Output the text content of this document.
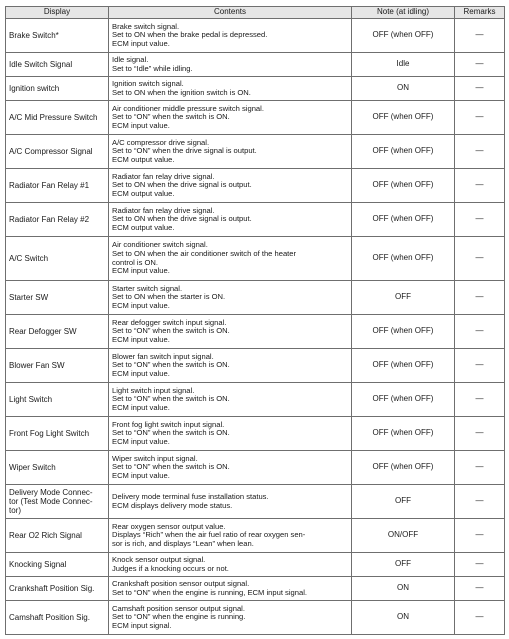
Display	Contents	Note (at idling)	Remarks
Brake Switch*	Brake switch signal.
Set to ON when the brake pedal is depressed.
ECM input value.	OFF (when OFF)	—
Idle Switch Signal	Idle signal.
Set to “Idle” while idling.	Idle	—
Ignition switch	Ignition switch signal.
Set to ON when the ignition switch is ON.	ON	—
A/C Mid Pressure Switch	Air conditioner middle pressure switch signal.
Set to “ON” when the switch is ON.
ECM input value.	OFF (when OFF)	—
A/C Compressor Signal	A/C compressor drive signal.
Set to “ON” when the drive signal is output.
ECM output value.	OFF (when OFF)	—
Radiator Fan Relay #1	Radiator fan relay drive signal.
Set to ON when the drive signal is output.
ECM output value.	OFF (when OFF)	—
Radiator Fan Relay #2	Radiator fan relay drive signal.
Set to ON when the drive signal is output.
ECM output value.	OFF (when OFF)	—
A/C Switch	Air conditioner switch signal.
Set to ON when the air conditioner switch of the heater
control is ON.
ECM input value.	OFF (when OFF)	—
Starter SW	Starter switch signal.
Set to ON when the starter is ON.
ECM input value.	OFF	—
Rear Defogger SW	Rear defogger switch input signal.
Set to “ON” when the switch is ON.
ECM input value.	OFF (when OFF)	—
Blower Fan SW	Blower fan switch input signal.
Set to “ON” when the switch is ON.
ECM input value.	OFF (when OFF)	—
Light Switch	Light switch input signal.
Set to “ON” when the switch is ON.
ECM input value.	OFF (when OFF)	—
Front Fog Light Switch	Front fog light switch input signal.
Set to “ON” when the switch is ON.
ECM input value.	OFF (when OFF)	—
Wiper Switch	Wiper switch input signal.
Set to “ON” when the switch is ON.
ECM input value.	OFF (when OFF)	—

Delivery Mode Connec-
tor (Test Mode Connec-
tor)	Delivery mode terminal fuse installation status.
ECM displays delivery mode status.	OFF	—
Rear O2 Rich Signal	Rear oxygen sensor output value.
Displays “Rich” when the air fuel ratio of rear oxygen sen-
sor is rich, and displays “Lean” when lean.	ON/OFF	—
Knocking Signal	Knock sensor output signal.
Judges if a knocking occurs or not.	OFF	—
Crankshaft Position Sig.	Crankshaft position sensor output signal.
Set to “ON” when the engine is running, ECM input signal.	ON	—
Camshaft Position Sig.	Camshaft position sensor output signal.
Set to “ON” when the engine is running.
ECM input signal.	ON	—
